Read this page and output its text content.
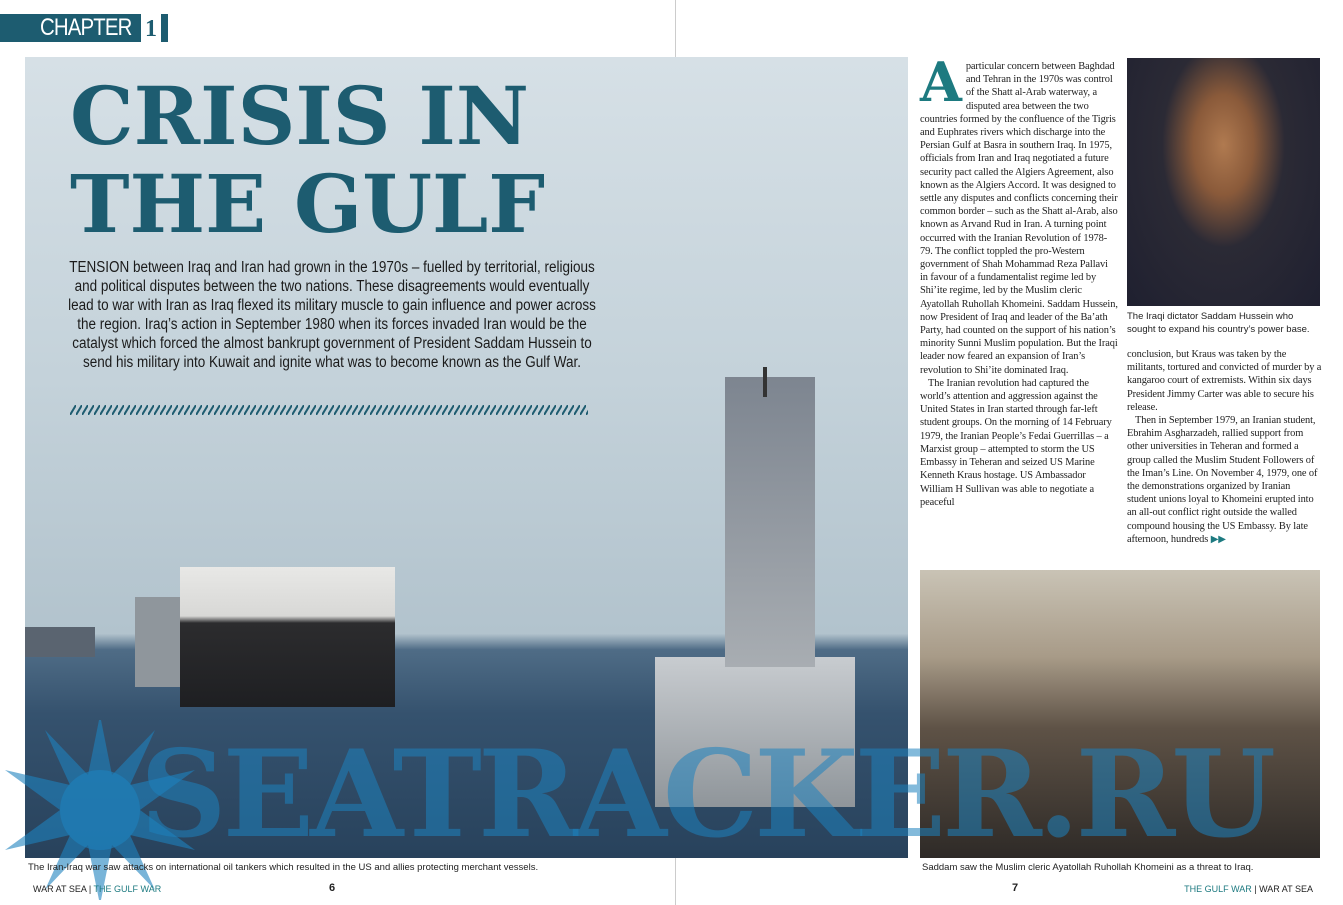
CHAPTER 1
CRISIS IN
THE GULF
TENSION between Iraq and Iran had grown in the 1970s – fuelled by territorial, religious and political disputes between the two nations. These disagreements would eventually lead to war with Iran as Iraq flexed its military muscle to gain influence and power across the region. Iraq’s action in September 1980 when its forces invaded Iran would be the catalyst which forced the almost bankrupt government of President Saddam Hussein to send his military into Kuwait and ignite what was to become known as the Gulf War.

Aparticular concern between Baghdad and Tehran in the 1970s was control of the Shatt al-Arab waterway, a disputed area between the two countries formed by the confluence of the Tigris and Euphrates rivers which discharge into the Persian Gulf at Basra in southern Iraq. In 1975, officials from Iran and Iraq negotiated a future security pact called the Algiers Agreement, also known as the Algiers Accord. It was designed to settle any disputes and conflicts concerning their common border – such as the Shatt al-Arab, also known as Arvand Rud in Iran. A turning point occurred with the Iranian Revolution of 1978-79. The conflict toppled the pro-Western government of Shah Mohammad Reza Pallavi in favour of a fundamentalist regime led by Shi’ite regime, led by the Muslim cleric Ayatollah Ruhollah Khomeini. Saddam Hussein, now President of Iraq and leader of the Ba’ath Party, had counted on the support of his nation’s minority Sunni Muslim population. But the Iraqi leader now feared an expansion of Iran’s revolution to Shi’ite dominated Iraq.

The Iranian revolution had captured the world’s attention and aggression against the United States in Iran started through far-left student groups. On the morning of 14 February 1979, the Iranian People’s Fedai Guerrillas – a Marxist group – attempted to storm the US Embassy in Teheran and seized US Marine Kenneth Kraus hostage. US Ambassador William H Sullivan was able to negotiate a peaceful

The Iraqi dictator Saddam Hussein who sought to expand his country’s power base.

conclusion, but Kraus was taken by the militants, tortured and convicted of murder by a kangaroo court of extremists. Within six days President Jimmy Carter was able to secure his release.

Then in September 1979, an Iranian student, Ebrahim Asgharzadeh, rallied support from other universities in Teheran and formed a group called the Muslim Student Followers of the Iman’s Line. On November 4, 1979, one of the demonstrations organized by Iranian student unions loyal to Khomeini erupted into an all-out conflict right outside the walled compound housing the US Embassy. By late afternoon, hundreds ▶▶

SEATRACKER.RU
The Iran-Iraq war saw attacks on international oil tankers which resulted in the US and allies protecting merchant vessels.	Saddam saw the Muslim cleric Ayatollah Ruhollah Khomeini as a threat to Iraq.
WAR AT SEA | THE GULF WAR	6	7	THE GULF WAR | WAR AT SEA
